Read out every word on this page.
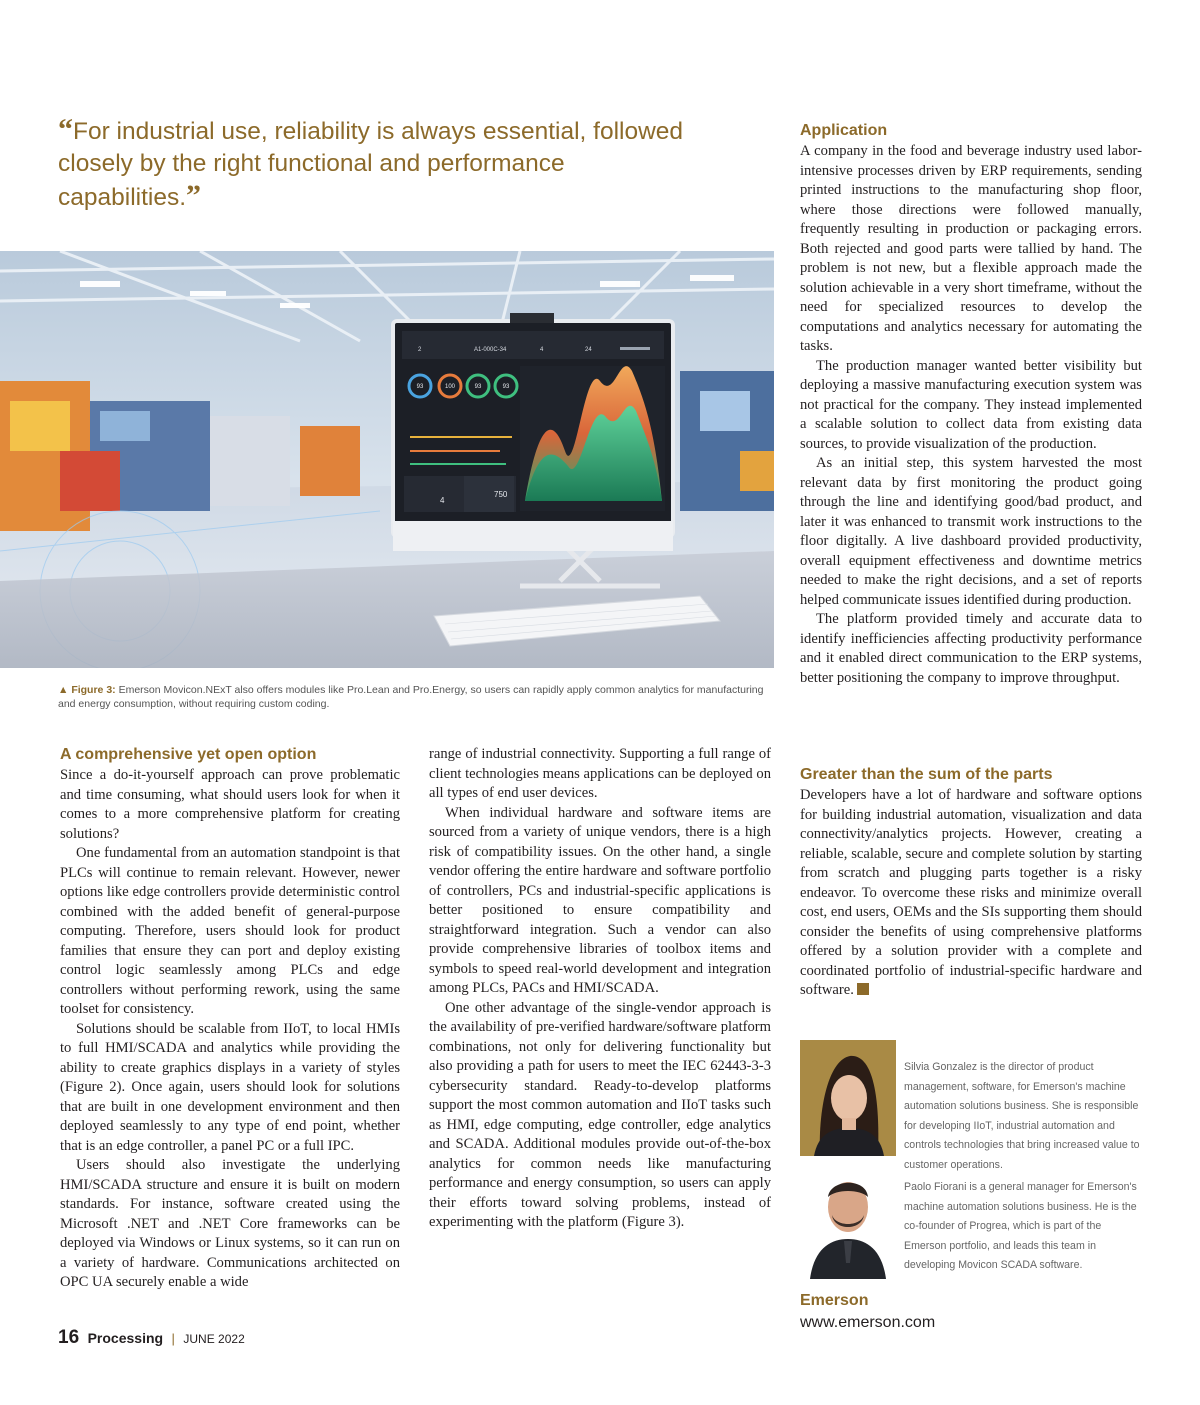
“For industrial use, reliability is always essential, followed closely by the right functional and performance capabilities.”
2	A1-000C-34	4	24
93	100	93	93
4
750
▲ Figure 3: Emerson Movicon.NExT also offers modules like Pro.Lean and Pro.Energy, so users can rapidly apply common analytics for manufacturing and energy consumption, without requiring custom coding.
A comprehensive yet open option

Since a do-it-yourself approach can prove problematic and time consuming, what should users look for when it comes to a more comprehensive platform for creating solutions?

One fundamental from an automation standpoint is that PLCs will continue to remain relevant. However, newer options like edge controllers provide deterministic control combined with the added benefit of general-purpose computing. Therefore, users should look for product families that ensure they can port and deploy existing control logic seamlessly among PLCs and edge controllers without performing rework, using the same toolset for consistency.

Solutions should be scalable from IIoT, to local HMIs to full HMI/SCADA and analytics while providing the ability to create graphics displays in a variety of styles (Figure 2). Once again, users should look for solutions that are built in one development environment and then deployed seamlessly to any type of end point, whether that is an edge controller, a panel PC or a full IPC.

Users should also investigate the underlying HMI/SCADA structure and ensure it is built on modern standards. For instance, software created using the Microsoft .NET and .NET Core frameworks can be deployed via Windows or Linux systems, so it can run on a variety of hardware. Communications architected on OPC UA securely enable a wide

range of industrial connectivity. Supporting a full range of client technologies means applications can be deployed on all types of end user devices.

When individual hardware and software items are sourced from a variety of unique vendors, there is a high risk of compatibility issues. On the other hand, a single vendor offering the entire hardware and software portfolio of controllers, PCs and industrial-specific applications is better positioned to ensure compatibility and straightforward integration. Such a vendor can also provide comprehensive libraries of toolbox items and symbols to speed real-world development and integration among PLCs, PACs and HMI/SCADA.

One other advantage of the single-vendor approach is the availability of pre-verified hardware/software platform combinations, not only for delivering functionality but also providing a path for users to meet the IEC 62443-3-3 cybersecurity standard. Ready-to-develop platforms support the most common automation and IIoT tasks such as HMI, edge computing, edge controller, edge analytics and SCADA. Additional modules provide out-of-the-box analytics for common needs like manufacturing performance and energy consumption, so users can apply their efforts toward solving problems, instead of experimenting with the platform (Figure 3).

Application

A company in the food and beverage industry used labor-intensive processes driven by ERP requirements, sending printed instructions to the manufacturing shop floor, where those directions were followed manually, frequently resulting in production or packaging errors. Both rejected and good parts were tallied by hand. The problem is not new, but a flexible approach made the solution achievable in a very short timeframe, without the need for specialized resources to develop the computations and analytics necessary for automating the tasks.

The production manager wanted better visibility but deploying a massive manufacturing execution system was not practical for the company. They instead implemented a scalable solution to collect data from existing data sources, to provide visualization of the production.

As an initial step, this system harvested the most relevant data by first monitoring the product going through the line and identifying good/bad product, and later it was enhanced to transmit work instructions to the floor digitally. A live dashboard provided productivity, overall equipment effectiveness and downtime metrics needed to make the right decisions, and a set of reports helped communicate issues identified during production.

The platform provided timely and accurate data to identify inefficiencies affecting productivity performance and it enabled direct communication to the ERP systems, better positioning the company to improve throughput.

Greater than the sum of the parts

Developers have a lot of hardware and software options for building industrial automation, visualization and data connectivity/analytics projects. However, creating a reliable, scalable, secure and complete solution by starting from scratch and plugging parts together is a risky endeavor. To overcome these risks and minimize overall cost, end users, OEMs and the SIs supporting them should consider the benefits of using comprehensive platforms offered by a solution provider with a complete and coordinated portfolio of industrial-specific hardware and software.

Silvia Gonzalez is the director of product management, software, for Emerson's machine automation solutions business. She is responsible for developing IIoT, industrial automation and controls technologies that bring increased value to customer operations.
Paolo Fiorani is a general manager for Emerson's machine automation solutions business. He is the co-founder of Progrea, which is part of the Emerson portfolio, and leads this team in developing Movicon SCADA software.
Emerson
www.emerson.com
16 Processing | JUNE 2022
